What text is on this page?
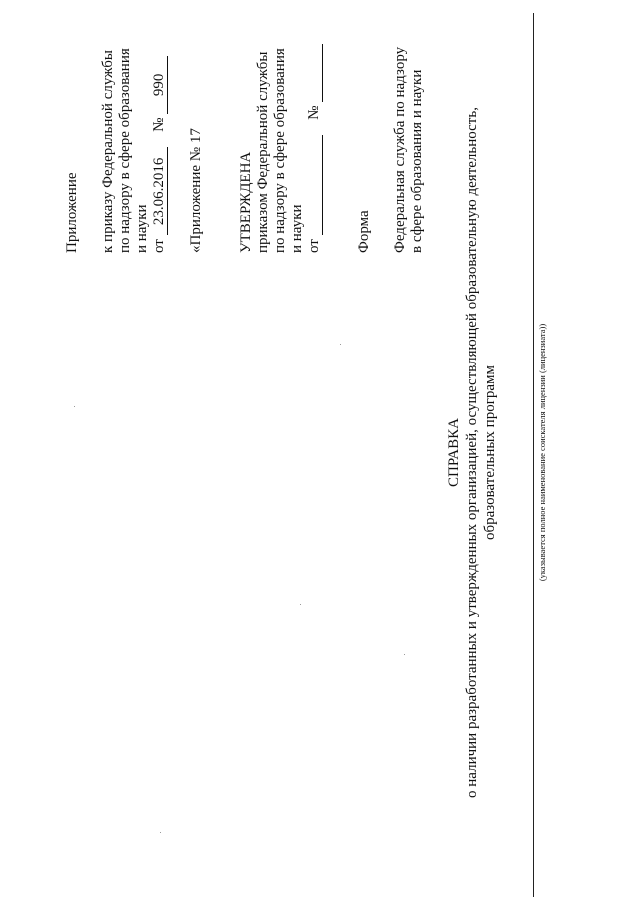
Приложение к приказу Федеральной службы по надзору в сфере образования и науки от 23.06.2016  № 990
«Приложение № 17 УТВЕРЖДЕНА приказом Федеральной службы по надзору в сфере образования и науки от    №
Форма Федеральная служба по надзору в сфере образования и науки
СПРАВКА о наличии разработанных и утвержденных организацией, осуществляющей образовательную деятельность, образовательных программ	(указывается полное наименование соискателя лицензии (лицензиата))
